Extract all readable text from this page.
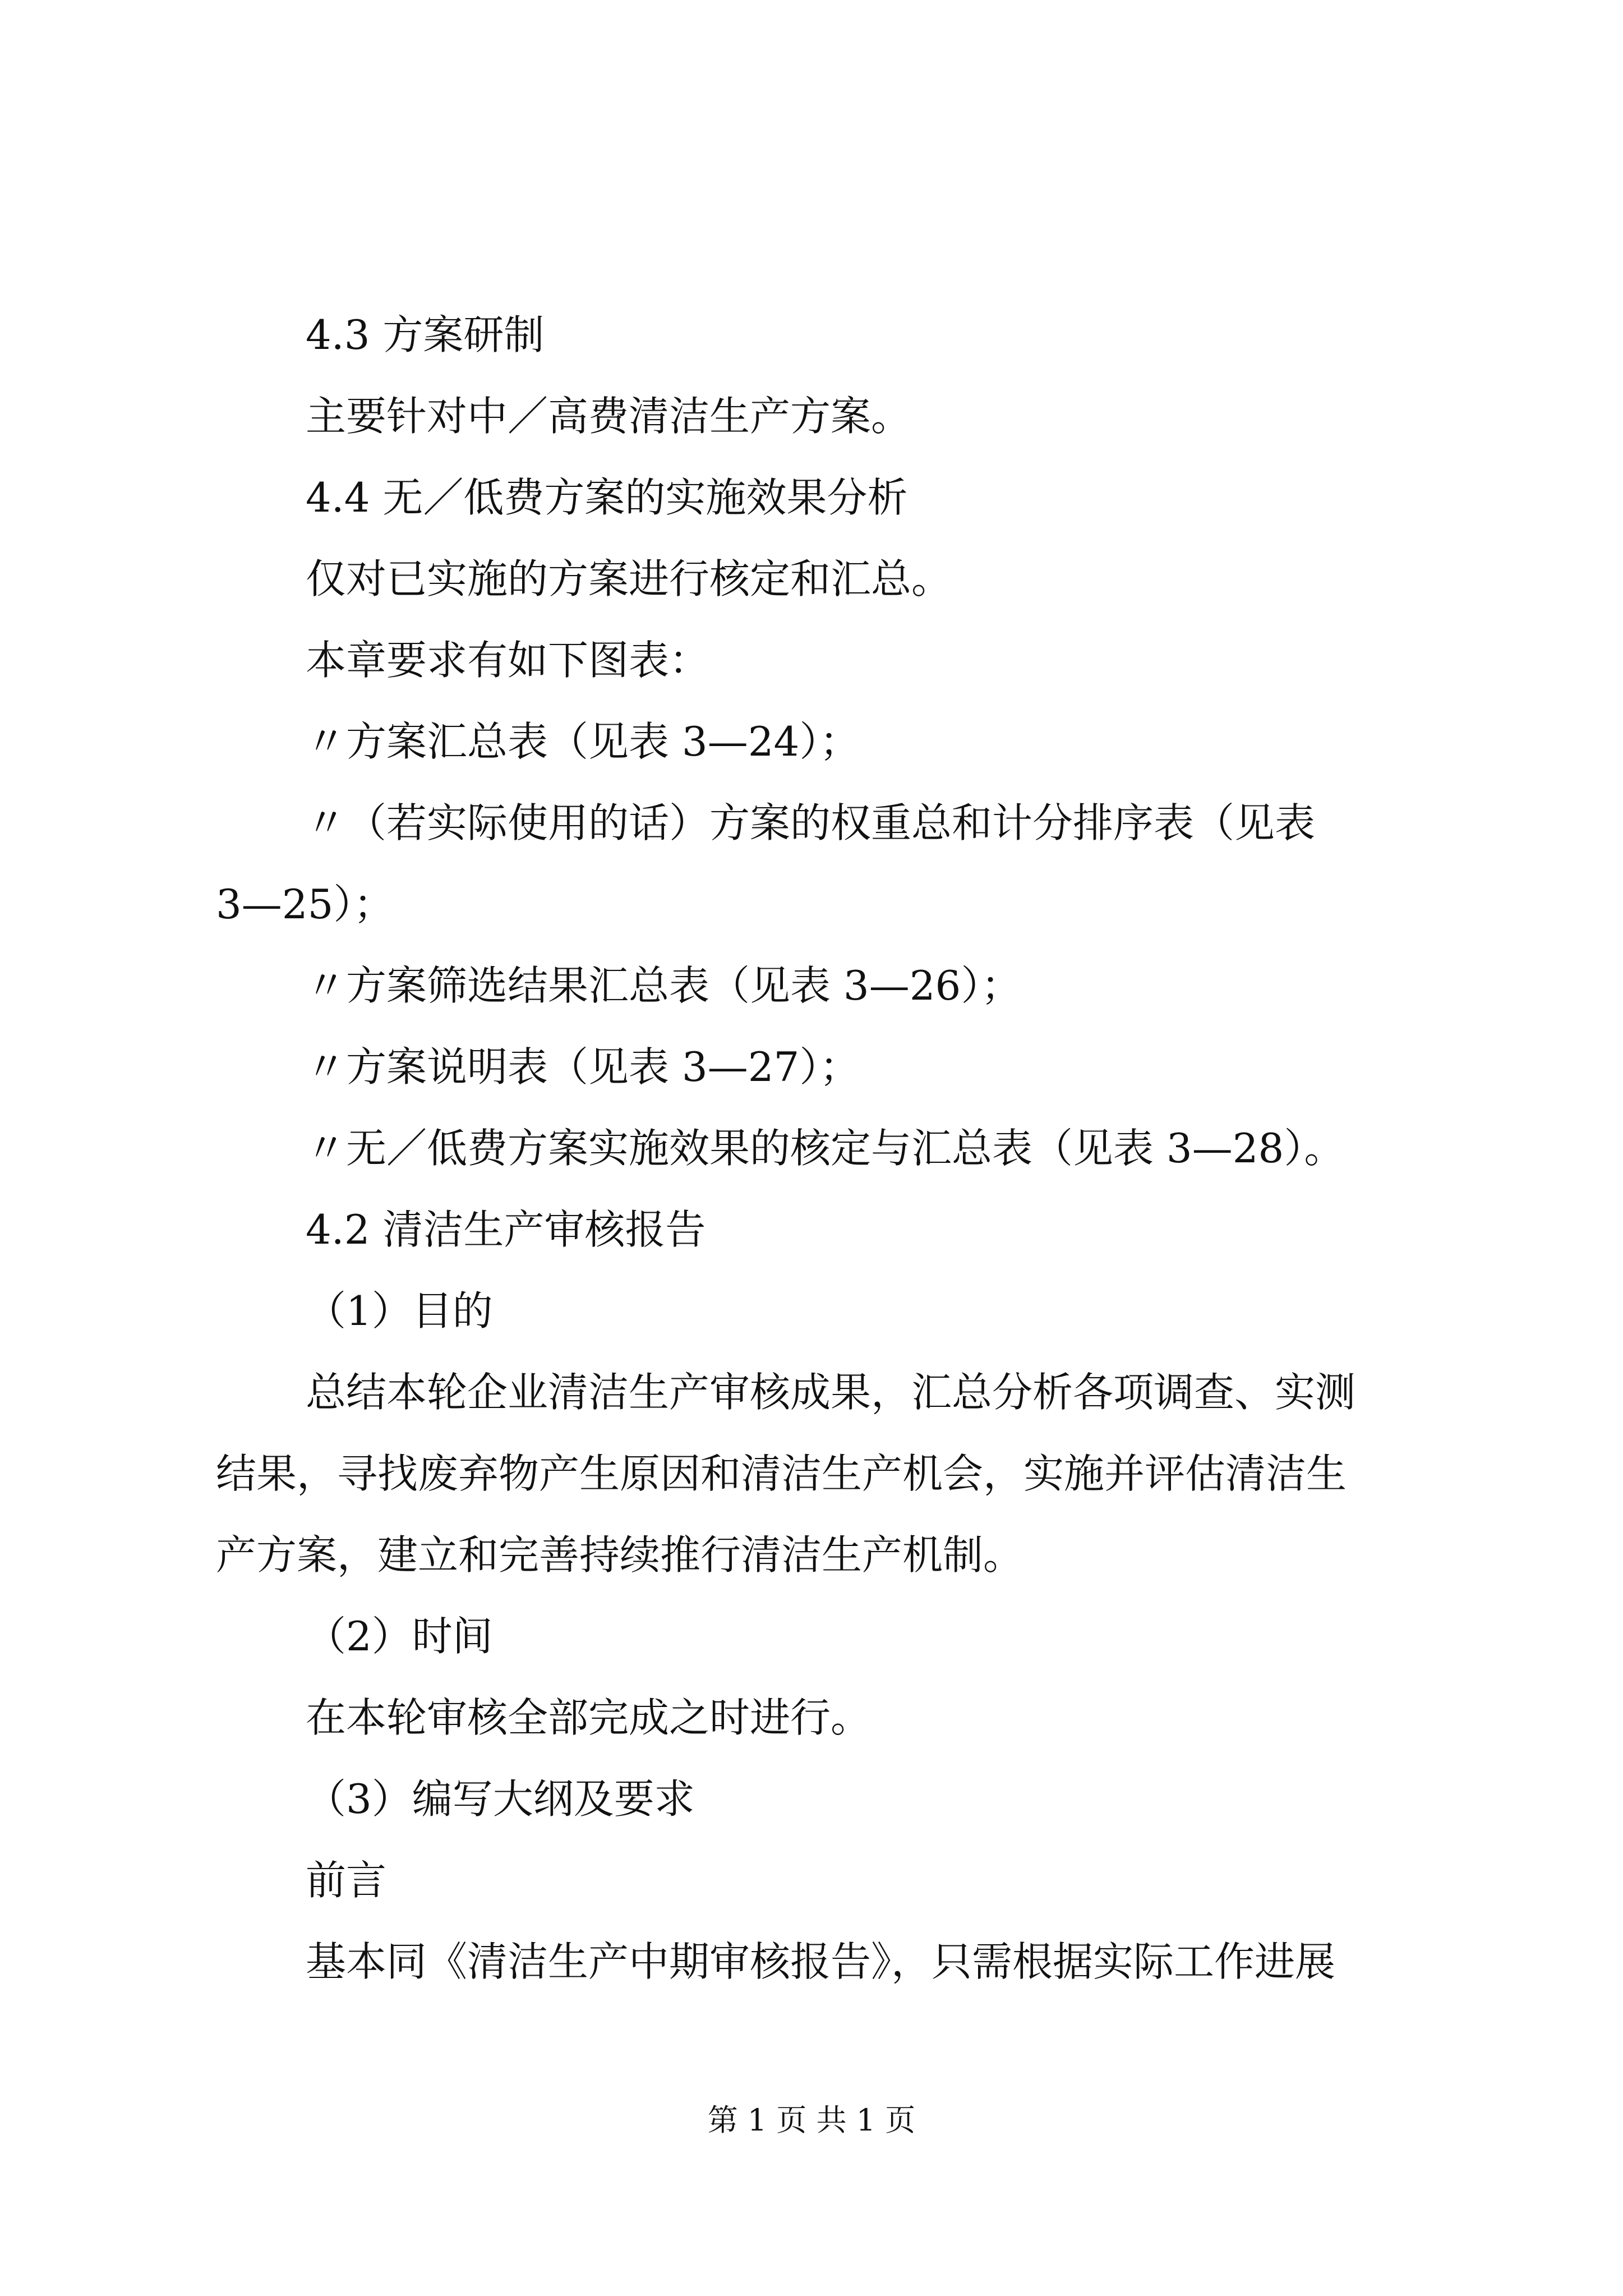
4.3 方案研制
主要针对中／高费清洁生产方案。
4.4 无／低费方案的实施效果分析
仅对已实施的方案进行核定和汇总。
本章要求有如下图表：
〃方案汇总表（见表 3—24）；
〃（若实际使用的话）方案的权重总和计分排序表（见表
3—25）；
〃方案筛选结果汇总表（见表 3—26）；
〃方案说明表（见表 3—27）；
〃无／低费方案实施效果的核定与汇总表（见表 3—28）。
4.2 清洁生产审核报告
（1）目的
总结本轮企业清洁生产审核成果，汇总分析各项调查、实测
结果，寻找废弃物产生原因和清洁生产机会，实施并评估清洁生
产方案，建立和完善持续推行清洁生产机制。
（2）时间
在本轮审核全部完成之时进行。
（3）编写大纲及要求
前言
基本同《清洁生产中期审核报告》，只需根据实际工作进展
第 1 页 共 1 页
